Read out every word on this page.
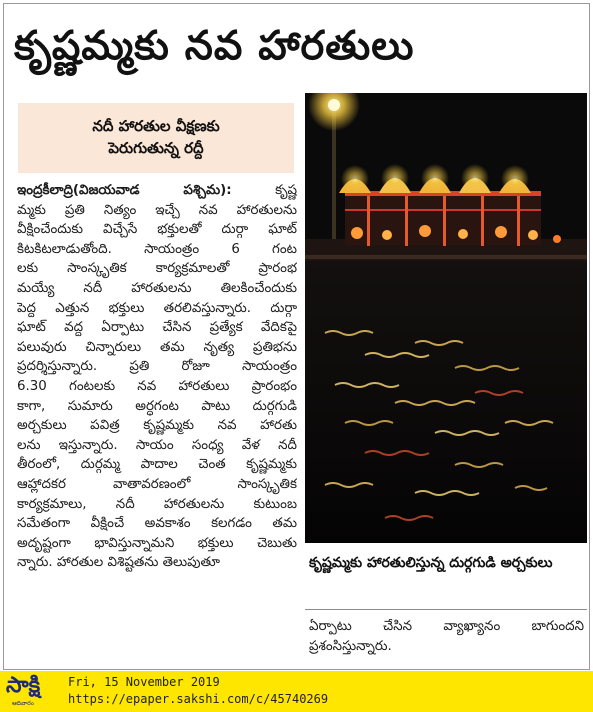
కృష్ణమ్మకు నవ హారతులు
నదీ హారతుల వీక్షణకు
పెరుగుతున్న రద్దీ
ఇంద్రకీలాద్రి(విజయవాడ పశ్చిమ):	కృష్ణ
మ్మకు ప్రతి నిత్యం ఇచ్చే నవ హారతులను
వీక్షించేందుకు విచ్చేసే భక్తులతో దుర్గా ఘాట్
కిటకిటలాడుతోంది. సాయంత్రం 6 గంట
లకు సాంస్కృతిక కార్యక్రమాలతో ప్రారంభ
మయ్యే నదీ హారతులను తిలకించేందుకు
పెద్ద ఎత్తున భక్తులు తరలివస్తున్నారు. దుర్గా
ఘాట్ వద్ద ఏర్పాటు చేసిన ప్రత్యేక వేదికపై
పలువురు చిన్నారులు తమ నృత్య ప్రతిభను
ప్రదర్శిస్తున్నారు. ప్రతి రోజూ సాయంత్రం
6.30 గంటలకు నవ హారతులు ప్రారంభం
కాగా, సుమారు అర్ధగంట పాటు దుర్గగుడి
అర్చకులు పవిత్ర కృష్ణమ్మకు నవ హారతు
లను ఇస్తున్నారు. సాయం సంధ్య వేళ నదీ
తీరంలో, దుర్గమ్మ పాదాల చెంత కృష్ణమ్మకు
ఆహ్లాదకర వాతావరణంలో సాంస్కృతిక
కార్యక్రమాలు, నదీ హారతులను కుటుంబ
సమేతంగా వీక్షించే అవకాశం కలగడం తమ
అదృష్టంగా భావిస్తున్నామని భక్తులు చెబుతు
న్నారు. హారతుల విశిష్టతను తెలుపుతూ	కృష్ణమ్మకు హారతులిస్తున్న దుర్గగుడి అర్చకులు
ఏర్పాటు చేసిన వ్యాఖ్యానం బాగుందని
ప్రశంసిస్తున్నారు.
సాక్షి
ఆదివారం
Fri, 15 November 2019
https://epaper.sakshi.com/c/45740269
